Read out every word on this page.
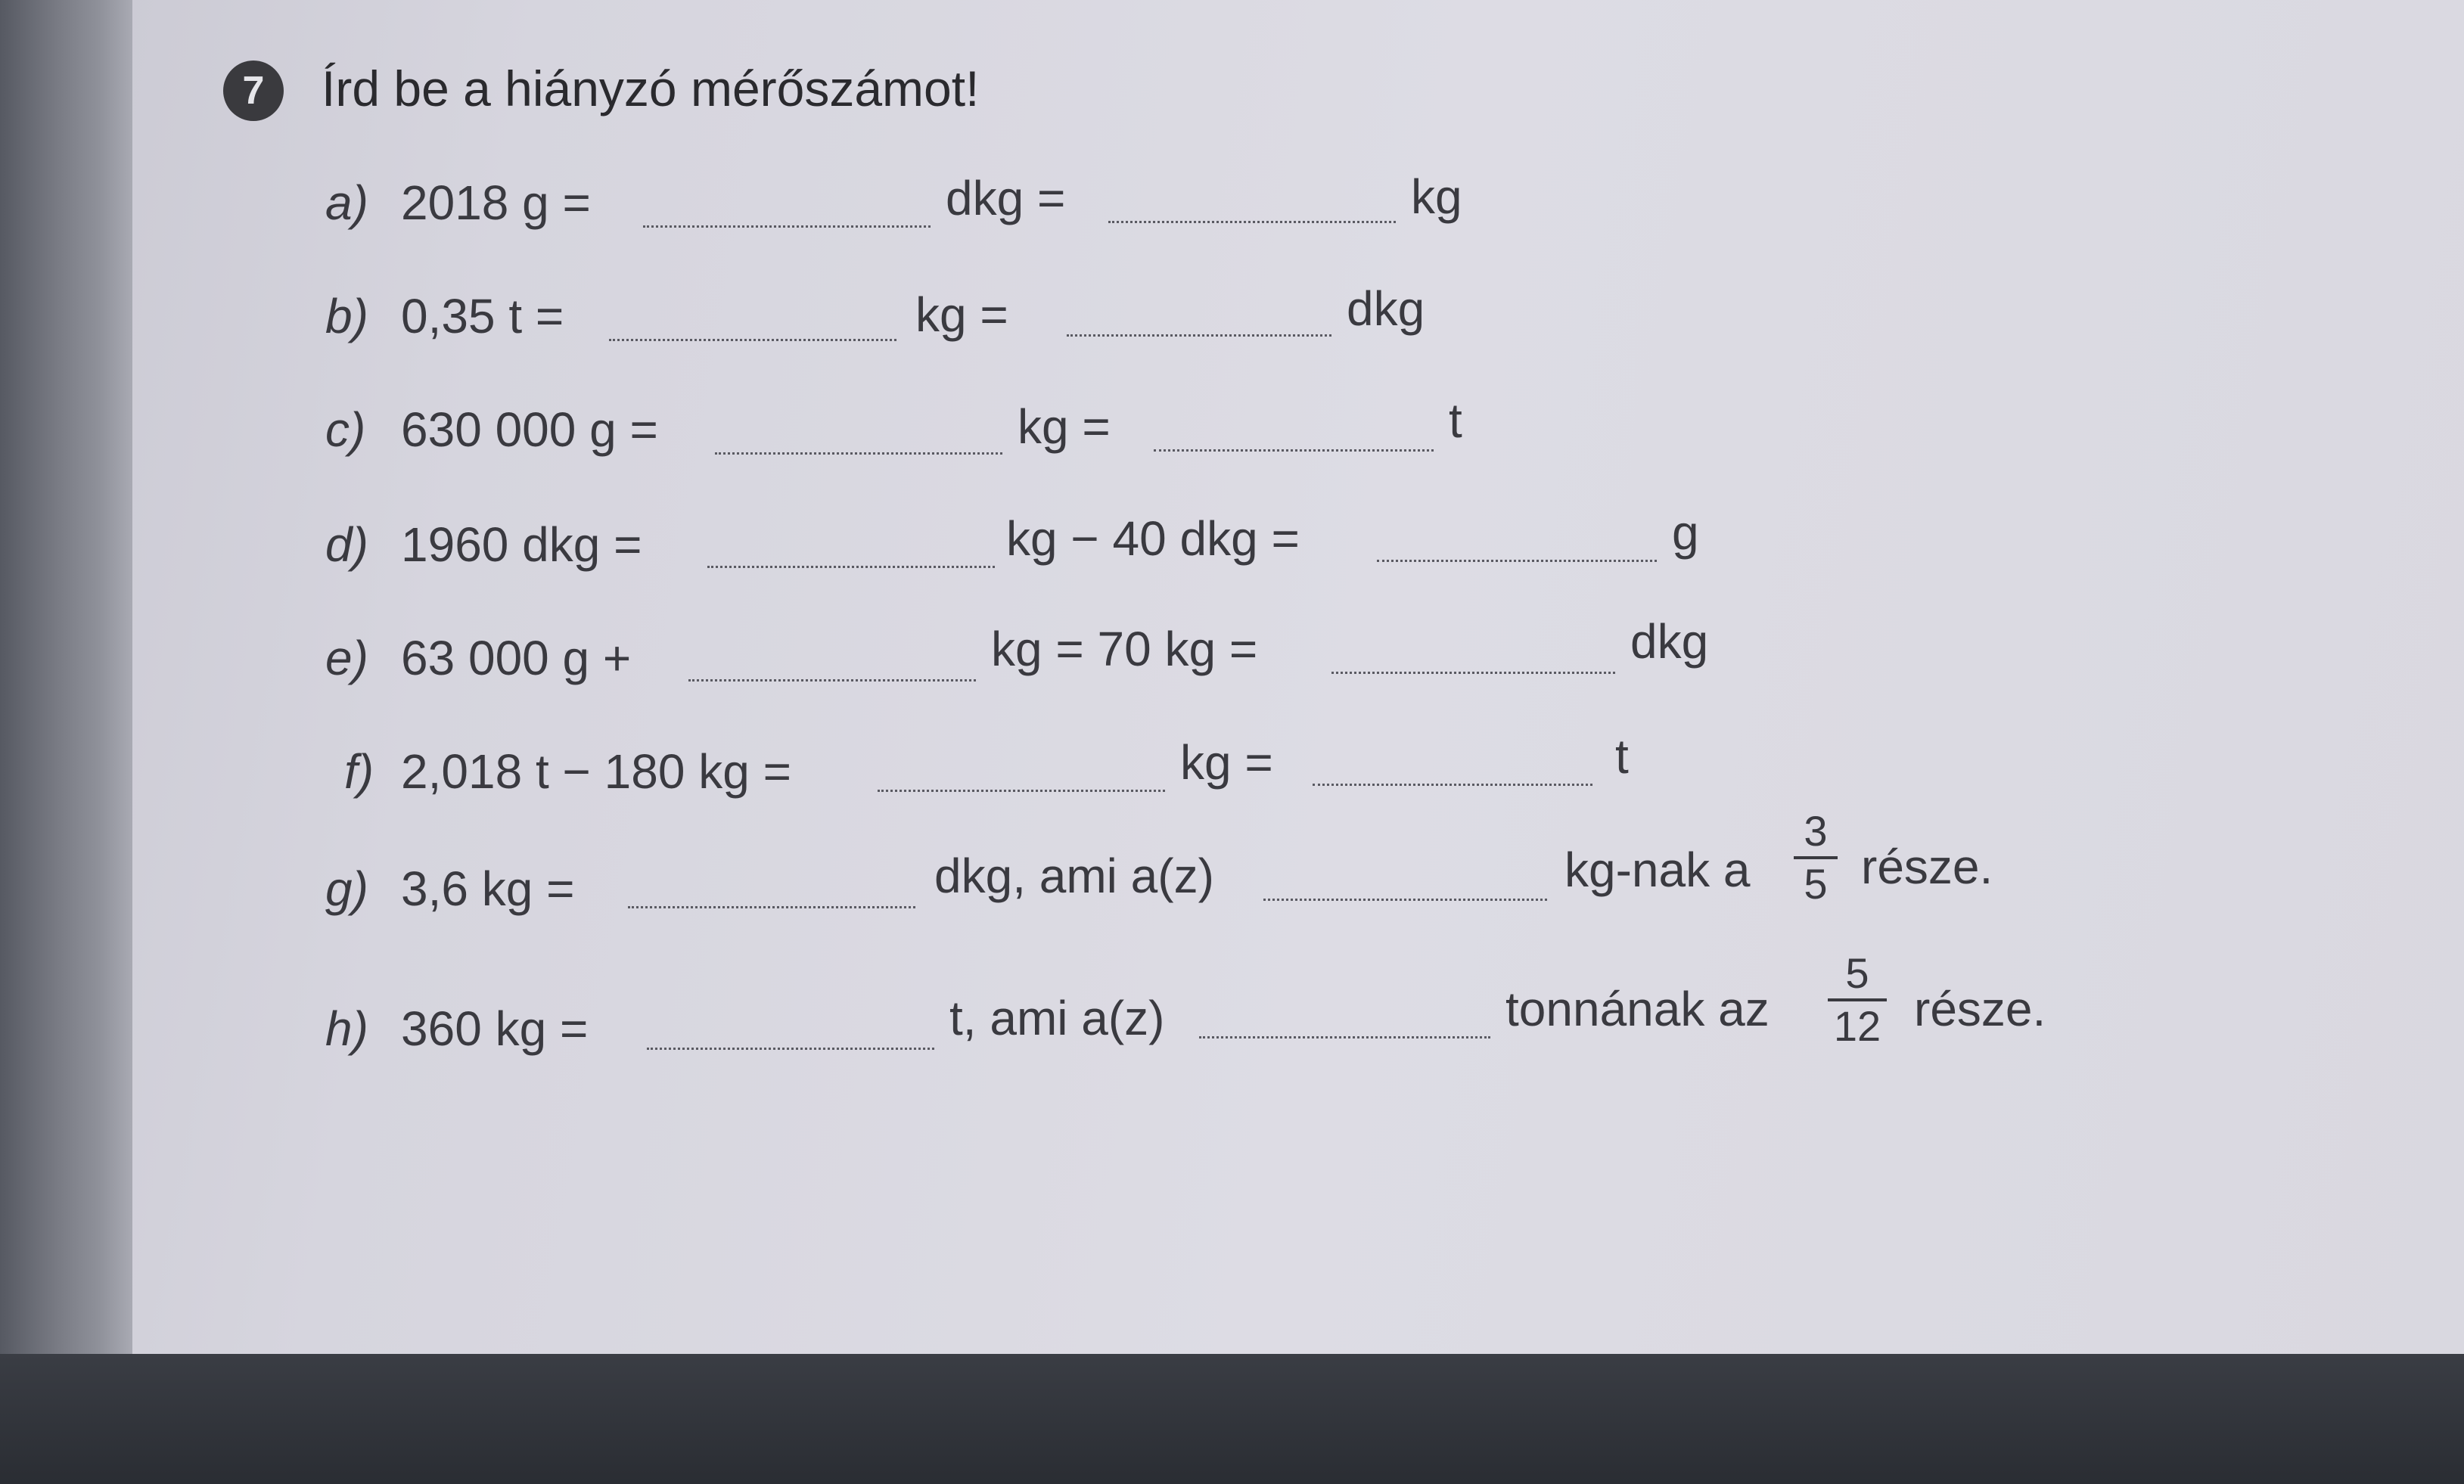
7	Írd be a hiányzó mérőszámot!
a) 2018 g =	dkg =	kg
b) 0,35 t =	kg =	dkg
c) 630 000 g =	kg =	t
d) 1960 dkg =	kg − 40 dkg =	g
e) 63 000 g +	kg = 70 kg =	dkg
f) 2,018 t − 180 kg =	kg =	t
g) 3,6 kg =	dkg, ami a(z)	kg-nak a
3
5 része.
h) 360 kg =	t, ami a(z)	tonnának az
5
12 része.
